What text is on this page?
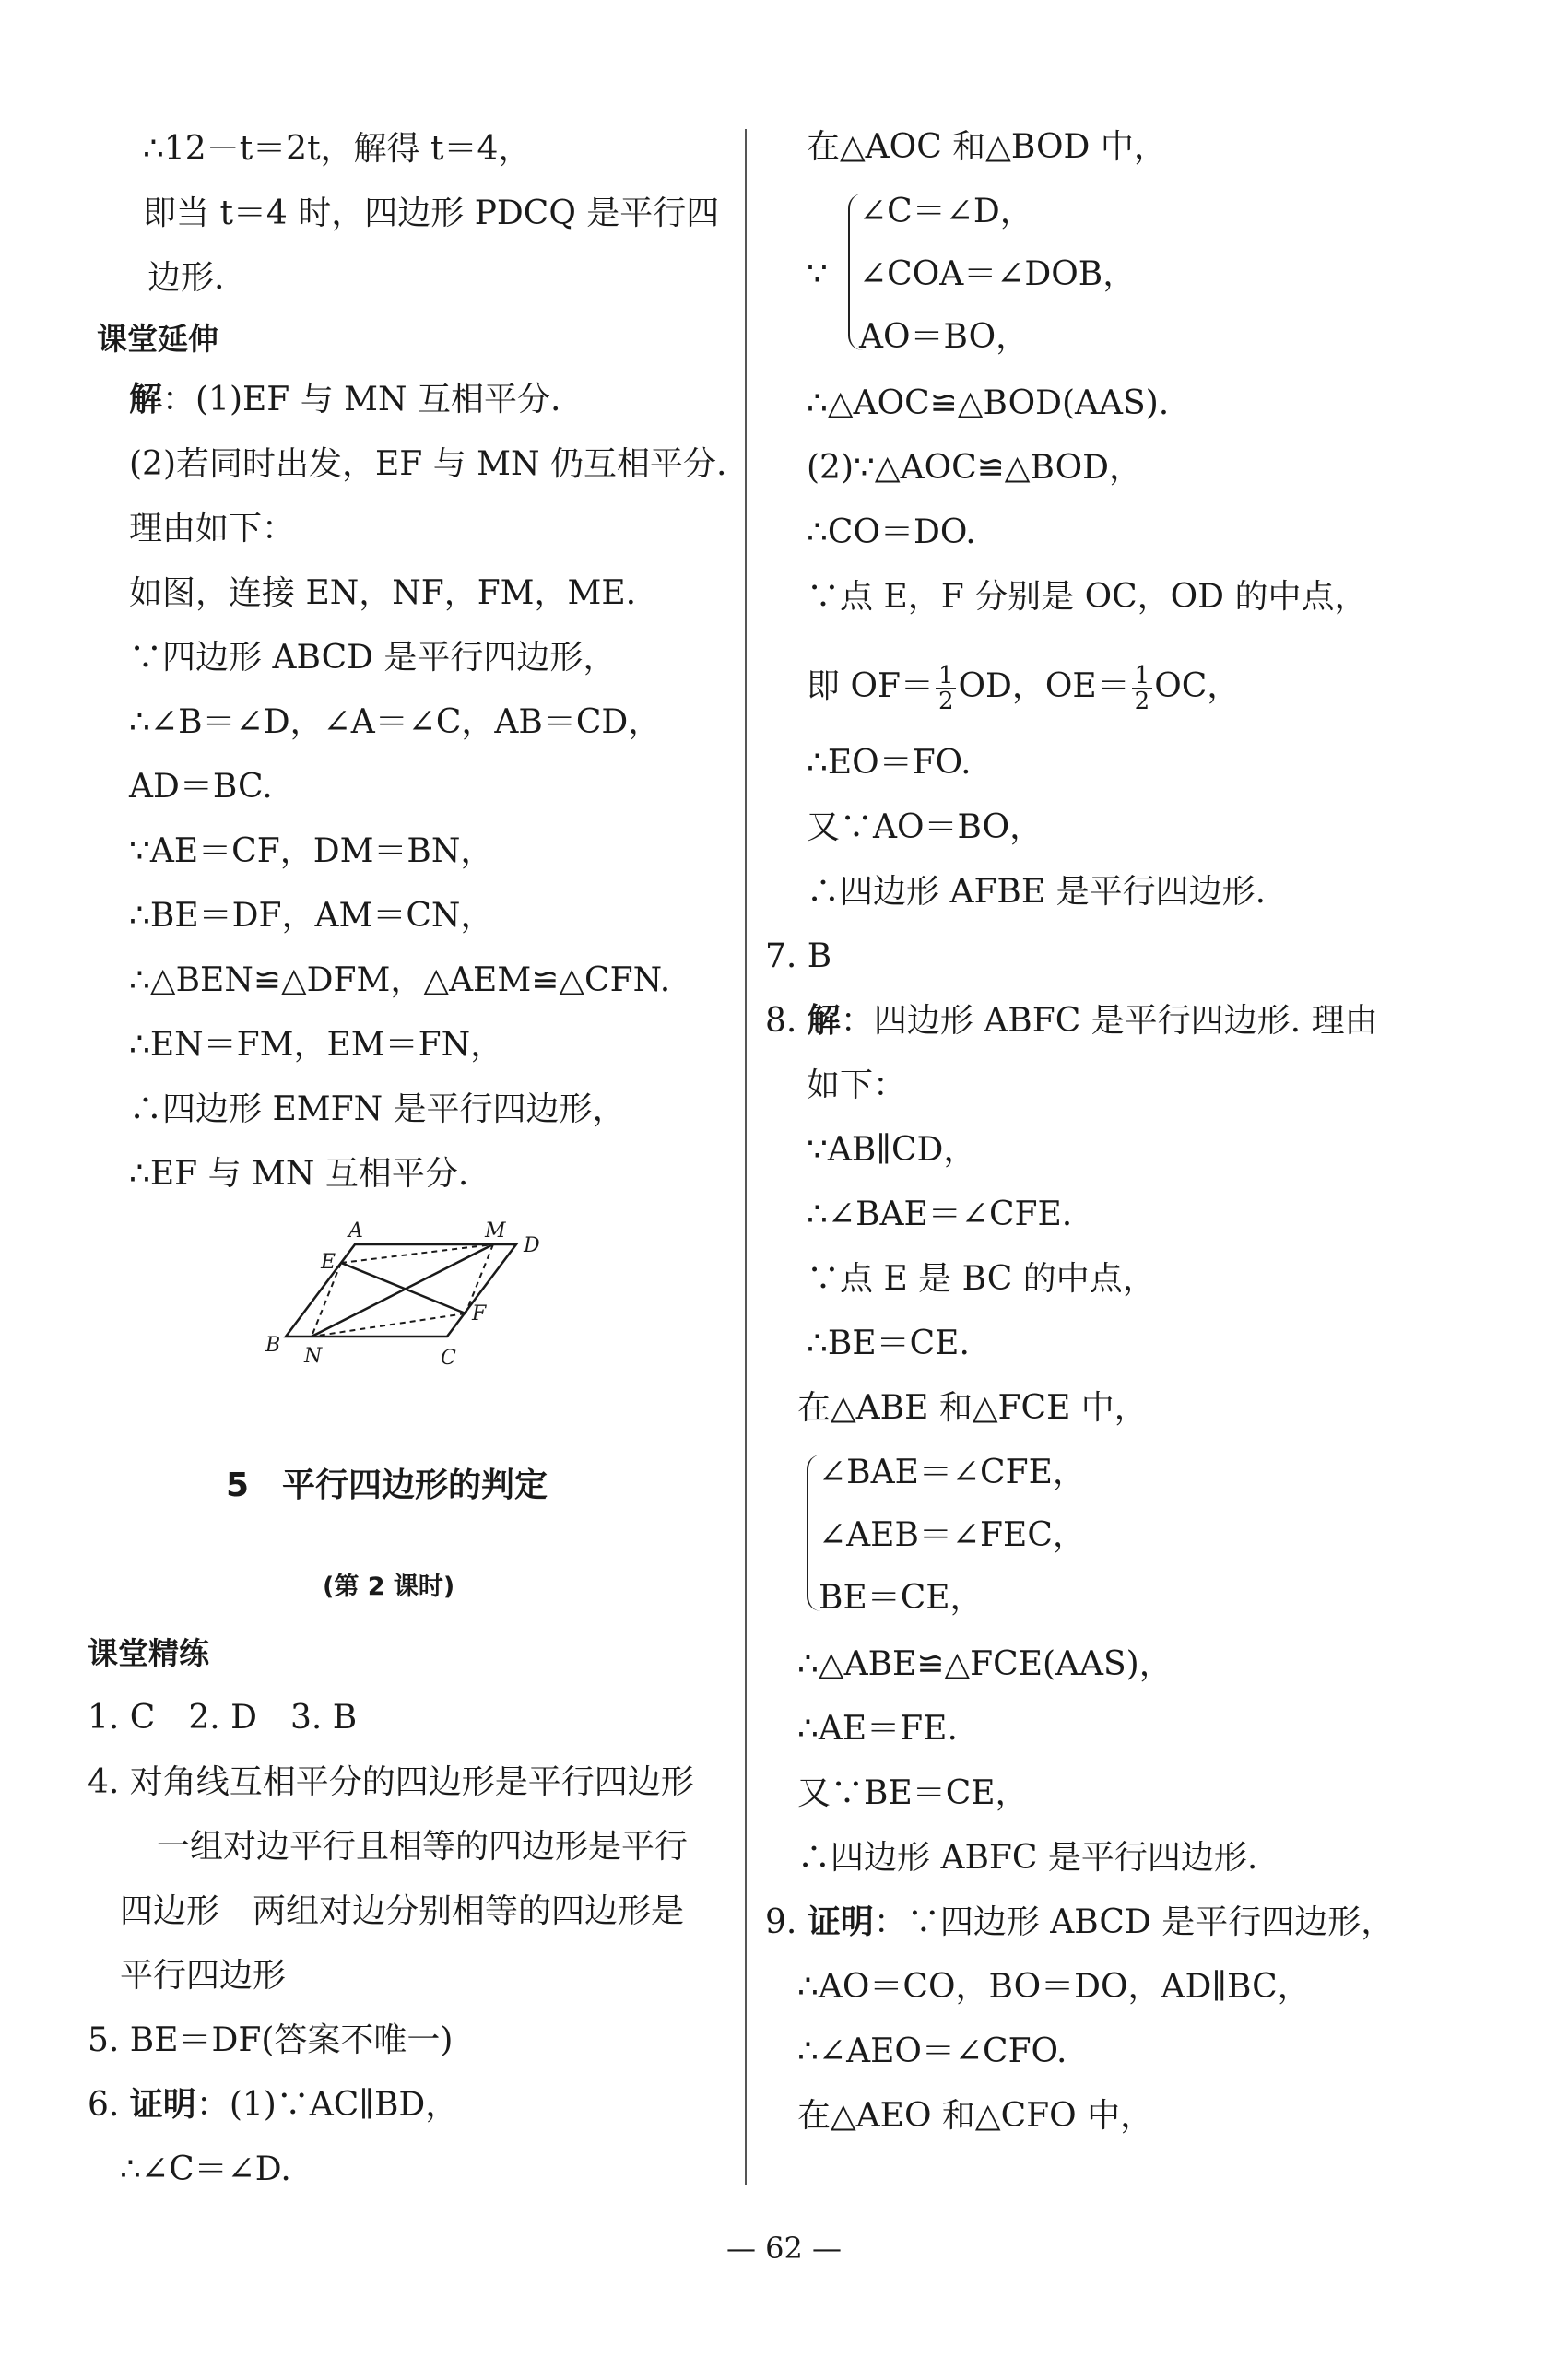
∴12－t＝2t，解得 t＝4，
即当 t＝4 时，四边形 PDCQ 是平行四
边形.
课堂延伸
解：(1)EF 与 MN 互相平分.
(2)若同时出发，EF 与 MN 仍互相平分.
理由如下：
如图，连接 EN，NF，FM，ME.
∵四边形 ABCD 是平行四边形，
∴∠B＝∠D，∠A＝∠C，AB＝CD，
AD＝BC.
∵AE＝CF，DM＝BN，
∴BE＝DF，AM＝CN，
∴△BEN≌△DFM，△AEM≌△CFN.
∴EN＝FM，EM＝FN，
∴四边形 EMFN 是平行四边形，
∴EF 与 MN 互相平分.
A	M
D
E
F
B N	C
5　平行四边形的判定
(第 2 课时)
课堂精练
1. C　2. D　3. B
4. 对角线互相平分的四边形是平行四边形
一组对边平行且相等的四边形是平行
四边形　两组对边分别相等的四边形是
平行四边形
5. BE＝DF(答案不唯一)
6. 证明：(1)∵AC∥BD，
∴∠C＝∠D.
在△AOC 和△BOD 中，
∠C＝∠D，
∵ ∠COA＝∠DOB，
AO＝BO，
∴△AOC≌△BOD(AAS).
(2)∵△AOC≌△BOD，
∴CO＝DO.
∵点 E，F 分别是 OC，OD 的中点，
即 $OF= \frac{1}{2}$ OD，$OE= \frac{1}{2}$ OC，
∴EO＝FO.
又∵AO＝BO，
∴四边形 AFBE 是平行四边形.
7. B
8. 解：四边形 ABFC 是平行四边形. 理由
如下：
∵AB∥CD，
∴∠BAE＝∠CFE.
∵点 E 是 BC 的中点，
∴BE＝CE.
在△ABE 和△FCE 中，
∠BAE＝∠CFE，
∠AEB＝∠FEC，
BE＝CE，
∴△ABE≌△FCE(AAS)，
∴AE＝FE.
又∵BE＝CE，
∴四边形 ABFC 是平行四边形.
9. 证明：∵四边形 ABCD 是平行四边形，
∴AO＝CO，BO＝DO，AD∥BC，
∴∠AEO＝∠CFO.
在△AEO 和△CFO 中，
— 62 —
